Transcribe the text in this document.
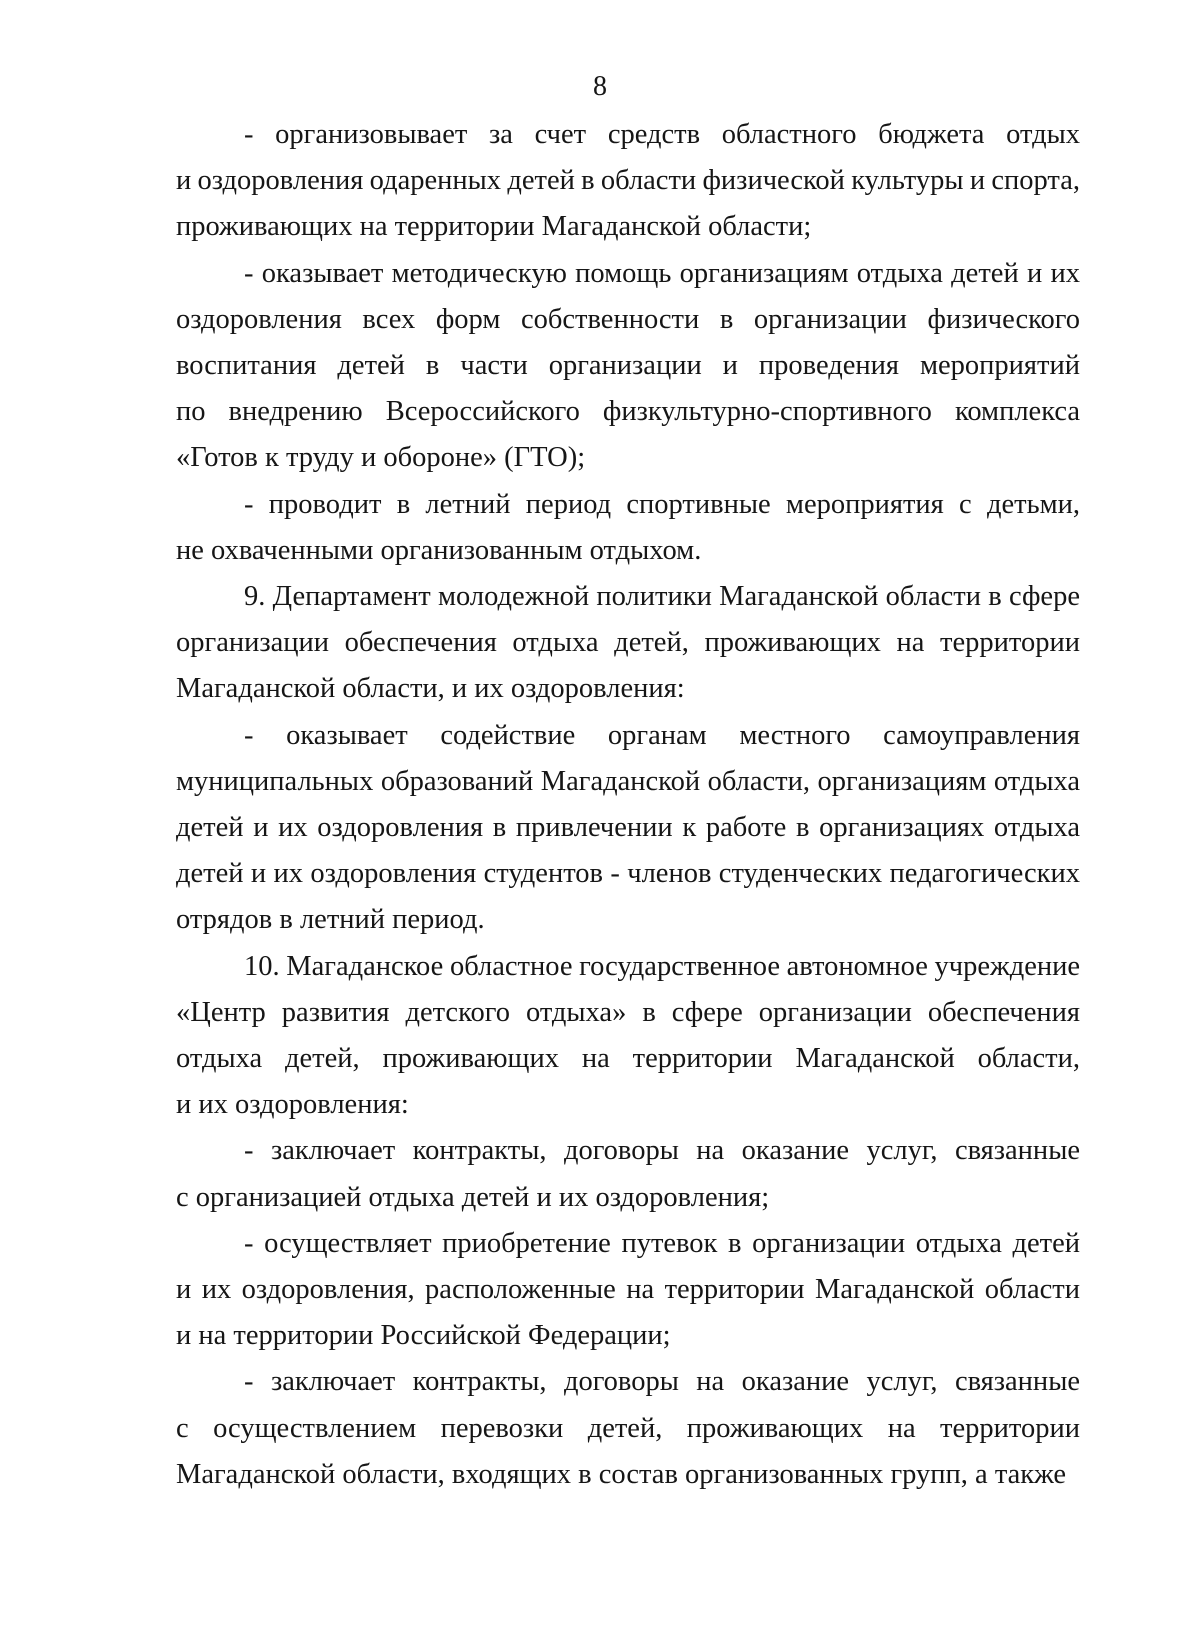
8
- организовывает за счет средств областного бюджета отдых
и оздоровления одаренных детей в области физической культуры и спорта,
проживающих на территории Магаданской области;
- оказывает методическую помощь организациям отдыха детей и их
оздоровления всех форм собственности в организации физического
воспитания детей в части организации и проведения мероприятий
по внедрению Всероссийского физкультурно-спортивного комплекса
«Готов к труду и обороне» (ГТО);
- проводит в летний период спортивные мероприятия с детьми,
не охваченными организованным отдыхом.
9. Департамент молодежной политики Магаданской области в сфере
организации обеспечения отдыха детей, проживающих на территории
Магаданской области, и их оздоровления:
- оказывает содействие органам местного самоуправления
муниципальных образований Магаданской области, организациям отдыха
детей и их оздоровления в привлечении к работе в организациях отдыха
детей и их оздоровления студентов - членов студенческих педагогических
отрядов в летний период.
10. Магаданское областное государственное автономное учреждение
«Центр развития детского отдыха» в сфере организации обеспечения
отдыха детей, проживающих на территории Магаданской области,
и их оздоровления:
- заключает контракты, договоры на оказание услуг, связанные
с организацией отдыха детей и их оздоровления;
- осуществляет приобретение путевок в организации отдыха детей
и их оздоровления, расположенные на территории Магаданской области
и на территории Российской Федерации;
- заключает контракты, договоры на оказание услуг, связанные
с осуществлением перевозки детей, проживающих на территории
Магаданской области, входящих в состав организованных групп, а также
